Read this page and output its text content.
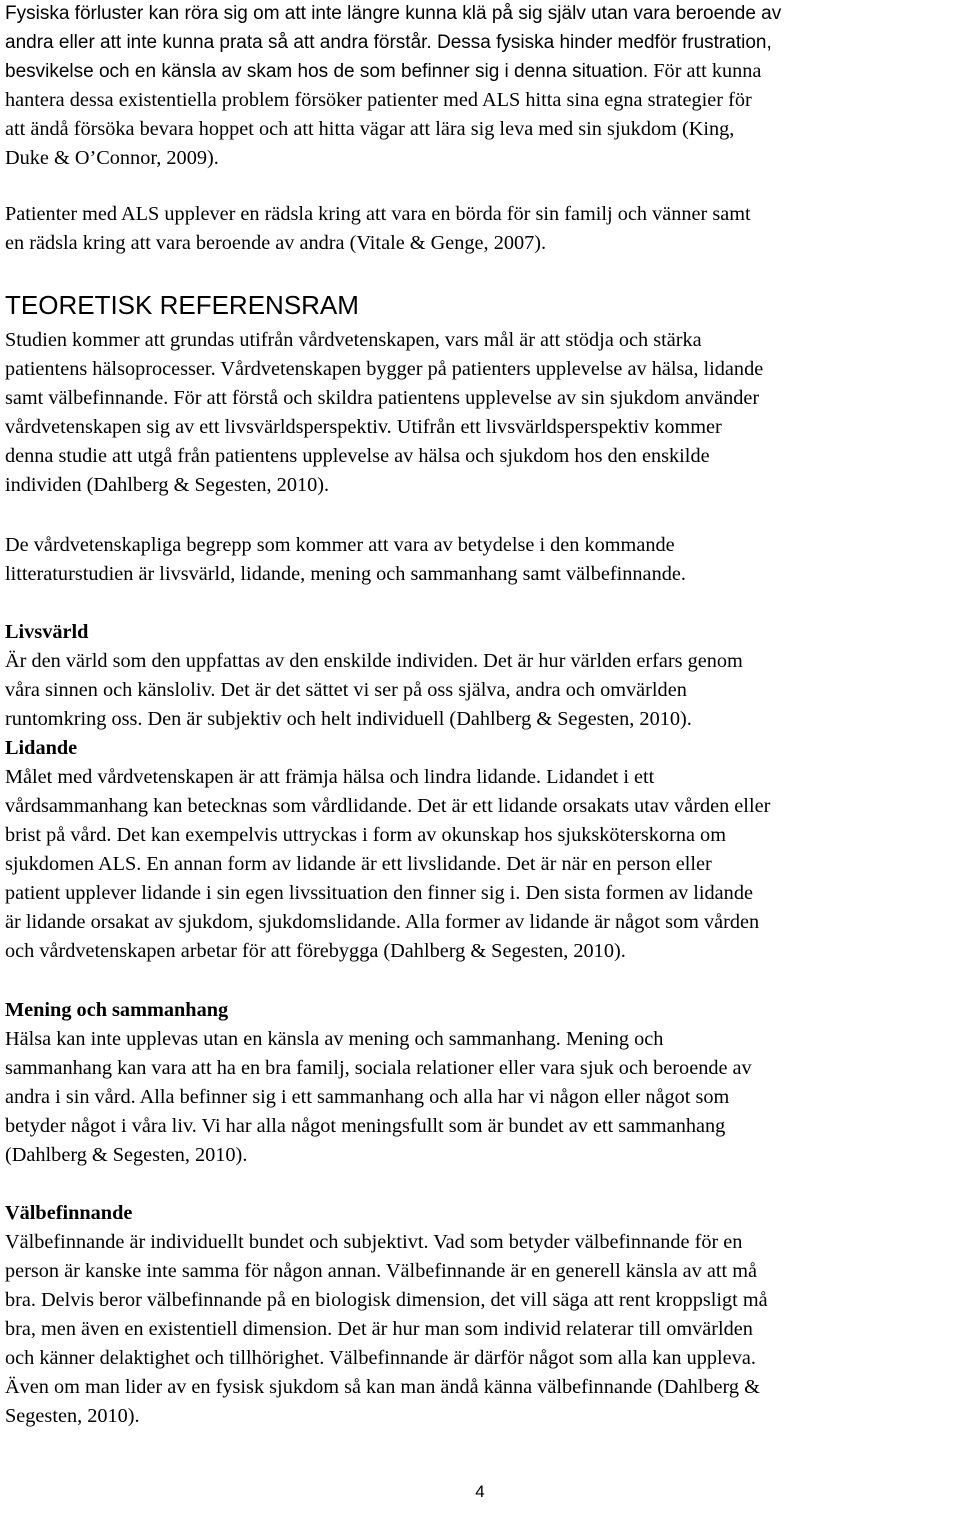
Fysiska förluster kan röra sig om att inte längre kunna klä på sig själv utan vara beroende av
andra eller att inte kunna prata så att andra förstår. Dessa fysiska hinder medför frustration,
besvikelse och en känsla av skam hos de som befinner sig i denna situation. För att kunna
hantera dessa existentiella problem försöker patienter med ALS hitta sina egna strategier för
att ändå försöka bevara hoppet och att hitta vägar att lära sig leva med sin sjukdom (King,
Duke & O’Connor, 2009).
Patienter med ALS upplever en rädsla kring att vara en börda för sin familj och vänner samt
en rädsla kring att vara beroende av andra (Vitale & Genge, 2007).
TEORETISK REFERENSRAM
Studien kommer att grundas utifrån vårdvetenskapen, vars mål är att stödja och stärka
patientens hälsoprocesser. Vårdvetenskapen bygger på patienters upplevelse av hälsa, lidande
samt välbefinnande. För att förstå och skildra patientens upplevelse av sin sjukdom använder
vårdvetenskapen sig av ett livsvärldsperspektiv. Utifrån ett livsvärldsperspektiv kommer
denna studie att utgå från patientens upplevelse av hälsa och sjukdom hos den enskilde
individen (Dahlberg & Segesten, 2010).
De vårdvetenskapliga begrepp som kommer att vara av betydelse i den kommande
litteraturstudien är livsvärld, lidande, mening och sammanhang samt välbefinnande.
Livsvärld
Är den värld som den uppfattas av den enskilde individen. Det är hur världen erfars genom
våra sinnen och känsloliv. Det är det sättet vi ser på oss själva, andra och omvärlden
runtomkring oss. Den är subjektiv och helt individuell (Dahlberg & Segesten, 2010).
Lidande
Målet med vårdvetenskapen är att främja hälsa och lindra lidande. Lidandet i ett
vårdsammanhang kan betecknas som vårdlidande. Det är ett lidande orsakats utav vården eller
brist på vård. Det kan exempelvis uttryckas i form av okunskap hos sjuksköterskorna om
sjukdomen ALS. En annan form av lidande är ett livslidande. Det är när en person eller
patient upplever lidande i sin egen livssituation den finner sig i. Den sista formen av lidande
är lidande orsakat av sjukdom, sjukdomslidande. Alla former av lidande är något som vården
och vårdvetenskapen arbetar för att förebygga (Dahlberg & Segesten, 2010).
Mening och sammanhang
Hälsa kan inte upplevas utan en känsla av mening och sammanhang. Mening och
sammanhang kan vara att ha en bra familj, sociala relationer eller vara sjuk och beroende av
andra i sin vård. Alla befinner sig i ett sammanhang och alla har vi någon eller något som
betyder något i våra liv. Vi har alla något meningsfullt som är bundet av ett sammanhang
(Dahlberg & Segesten, 2010).
Välbefinnande
Välbefinnande är individuellt bundet och subjektivt. Vad som betyder välbefinnande för en
person är kanske inte samma för någon annan. Välbefinnande är en generell känsla av att må
bra. Delvis beror välbefinnande på en biologisk dimension, det vill säga att rent kroppsligt må
bra, men även en existentiell dimension. Det är hur man som individ relaterar till omvärlden
och känner delaktighet och tillhörighet. Välbefinnande är därför något som alla kan uppleva.
Även om man lider av en fysisk sjukdom så kan man ändå känna välbefinnande (Dahlberg &
Segesten, 2010).
4
